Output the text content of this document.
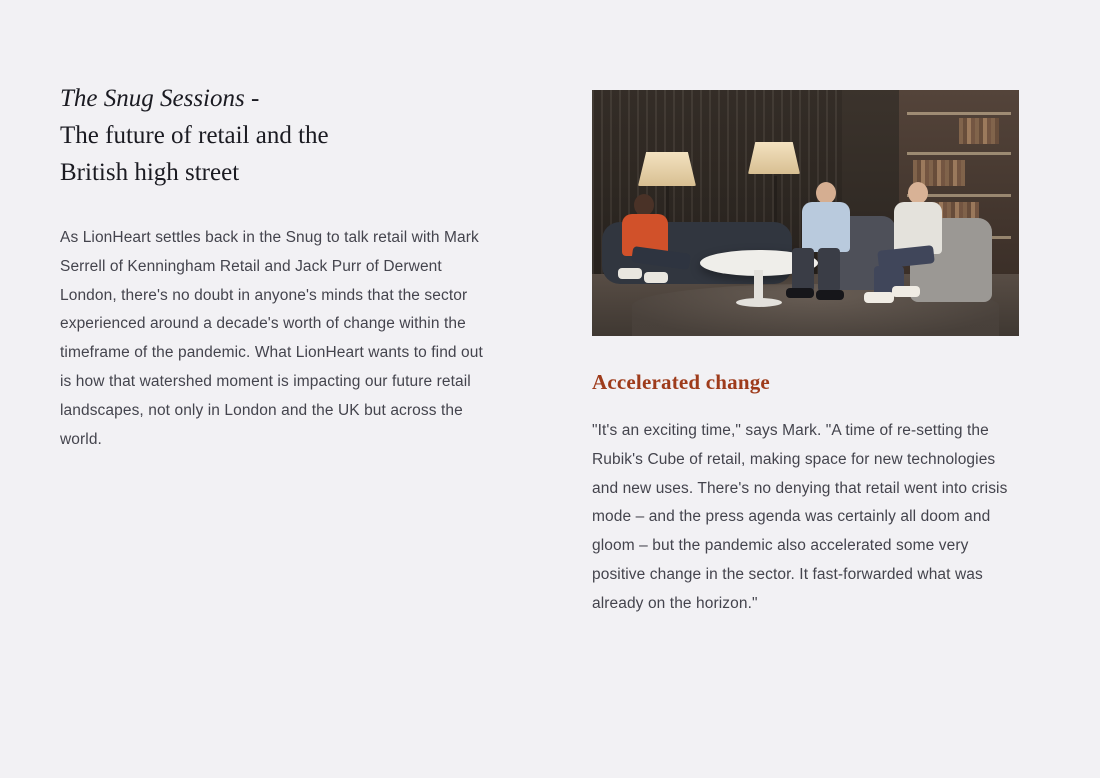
The Snug Sessions -
The future of retail and the
British high street

As LionHeart settles back in the Snug to talk retail with Mark Serrell of Kenningham Retail and Jack Purr of Derwent London, there's no doubt in anyone's minds that the sector experienced around a decade's worth of change within the timeframe of the pandemic. What LionHeart wants to find out is how that watershed moment is impacting our future retail landscapes, not only in London and the UK but across the world.

Accelerated change

"It's an exciting time," says Mark. "A time of re-setting the Rubik's Cube of retail, making space for new technologies and new uses. There's no denying that retail went into crisis mode – and the press agenda was certainly all doom and gloom – but the pandemic also accelerated some very positive change in the sector. It fast-forwarded what was already on the horizon."
